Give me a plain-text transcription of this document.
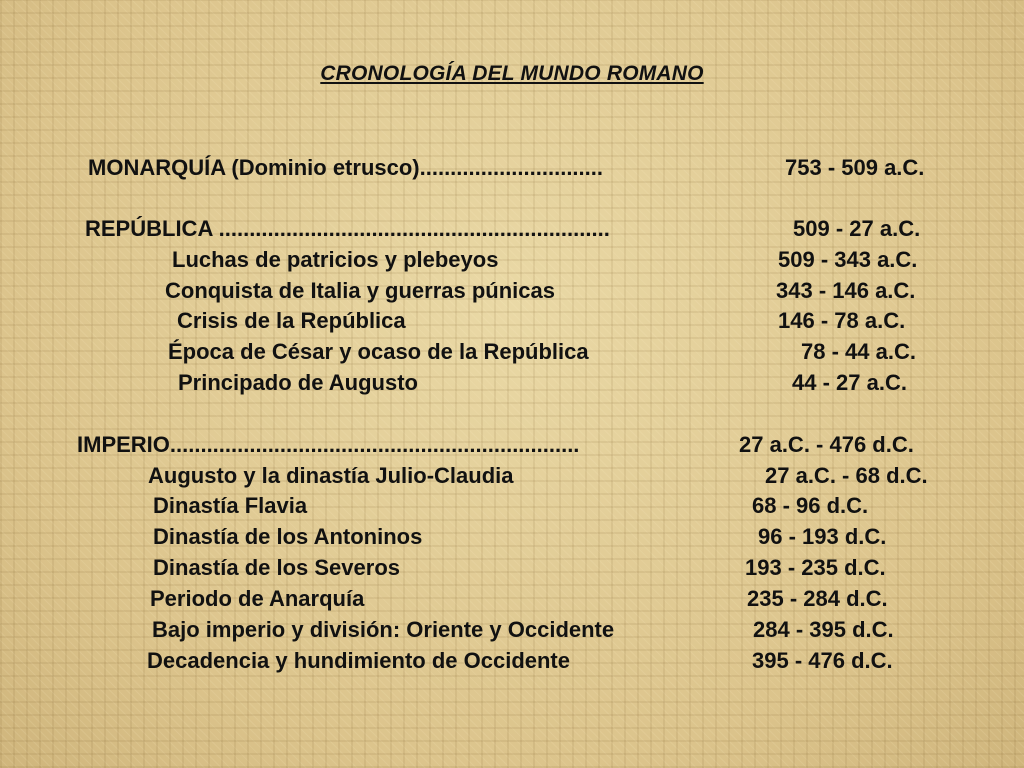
CRONOLOGÍA DEL MUNDO ROMANO
MONARQUÍA (Dominio etrusco)..............................	753 - 509 a.C.
REPÚBLICA ................................................................	509 - 27 a.C.
Luchas de patricios y plebeyos	509 - 343 a.C.
Conquista de Italia y guerras púnicas	343 - 146 a.C.
Crisis de la República	146 - 78 a.C.
Época de César y ocaso de la República	78 - 44 a.C.
Principado de Augusto	44 - 27 a.C.
IMPERIO...................................................................	27 a.C. - 476 d.C.
Augusto y la dinastía Julio-Claudia	27 a.C. - 68 d.C.
Dinastía Flavia	68 - 96 d.C.
Dinastía de los Antoninos	96 - 193 d.C.
Dinastía de los Severos	193 - 235 d.C.
Periodo de Anarquía	235 - 284 d.C.
Bajo imperio y división: Oriente y Occidente	284 - 395 d.C.
Decadencia y hundimiento de Occidente	395 - 476 d.C.
